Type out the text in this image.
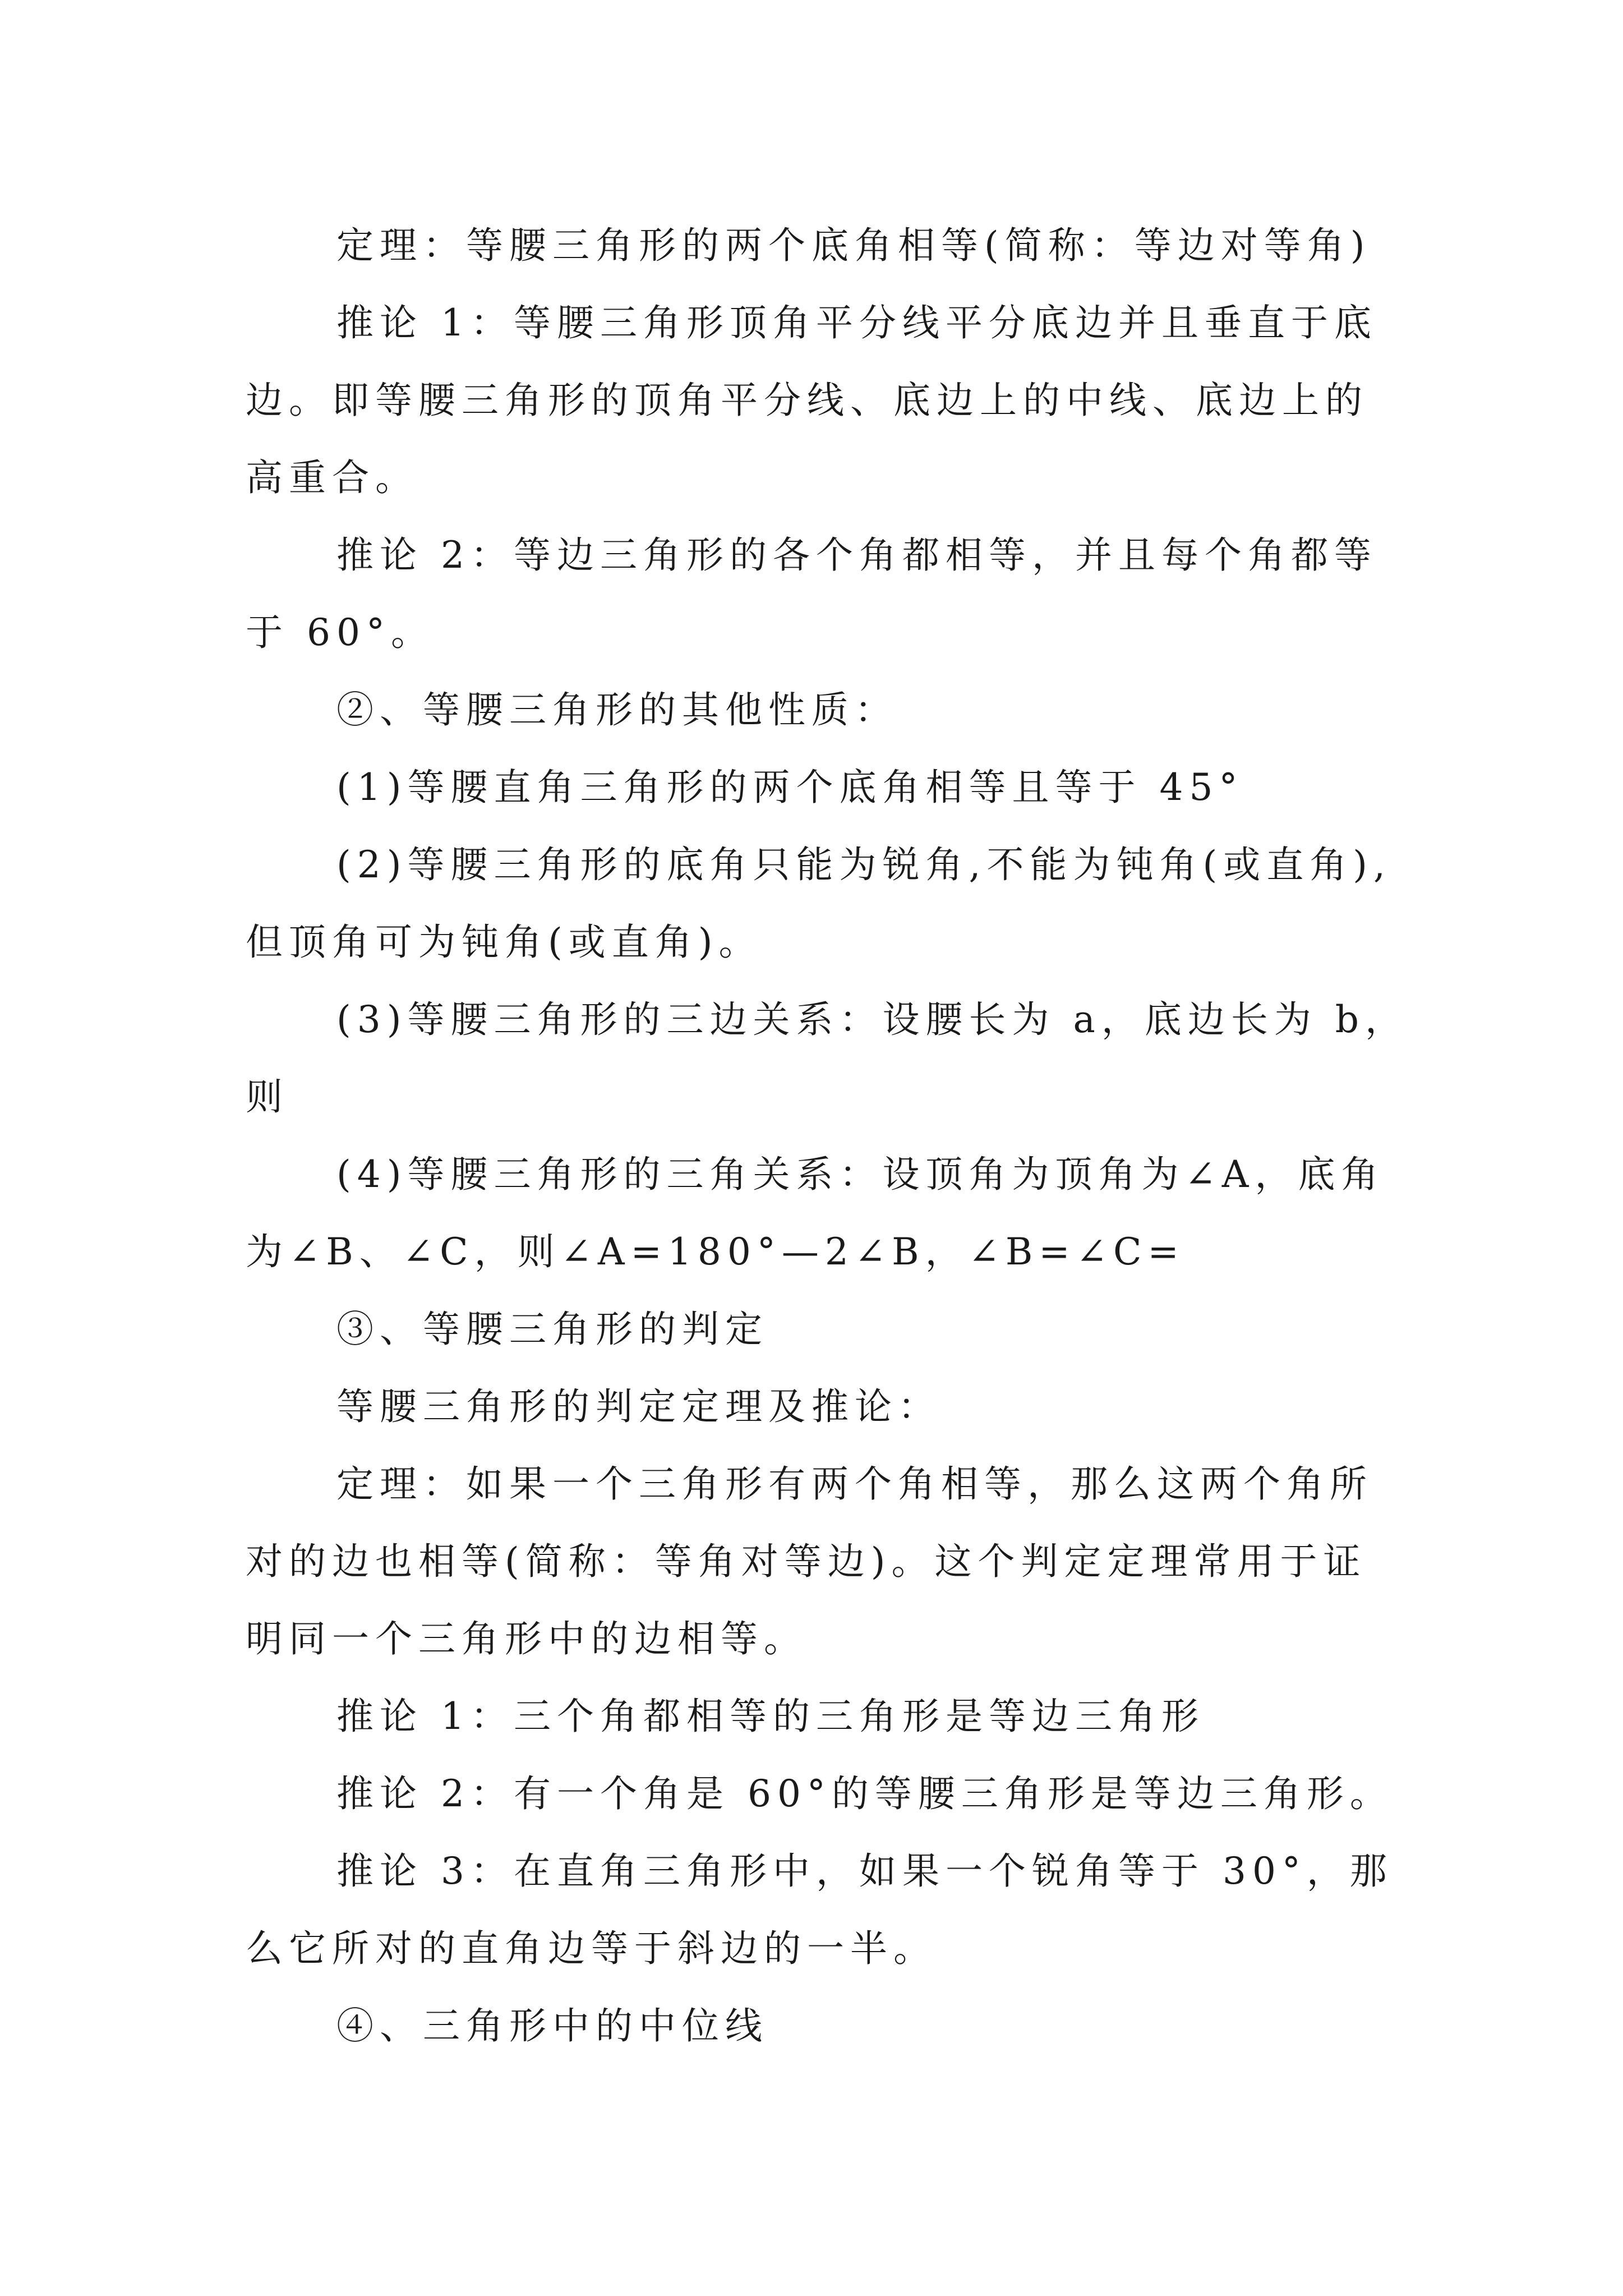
定理：等腰三角形的两个底角相等(简称：等边对等角)
推论 1：等腰三角形顶角平分线平分底边并且垂直于底
边。即等腰三角形的顶角平分线、底边上的中线、底边上的
高重合。
推论 2：等边三角形的各个角都相等，并且每个角都等
于 60°。
②、等腰三角形的其他性质：
(1)等腰直角三角形的两个底角相等且等于 45°
(2)等腰三角形的底角只能为锐角,不能为钝角(或直角),
但顶角可为钝角(或直角)。
(3)等腰三角形的三边关系：设腰长为 a，底边长为 b，
则
(4)等腰三角形的三角关系：设顶角为顶角为∠A，底角
为∠B、∠C，则∠A=180°—2∠B，∠B=∠C=
③、等腰三角形的判定
等腰三角形的判定定理及推论：
定理：如果一个三角形有两个角相等，那么这两个角所
对的边也相等(简称：等角对等边)。这个判定定理常用于证
明同一个三角形中的边相等。
推论 1：三个角都相等的三角形是等边三角形
推论 2：有一个角是 60°的等腰三角形是等边三角形。
推论 3：在直角三角形中，如果一个锐角等于 30°，那
么它所对的直角边等于斜边的一半。
④、三角形中的中位线
